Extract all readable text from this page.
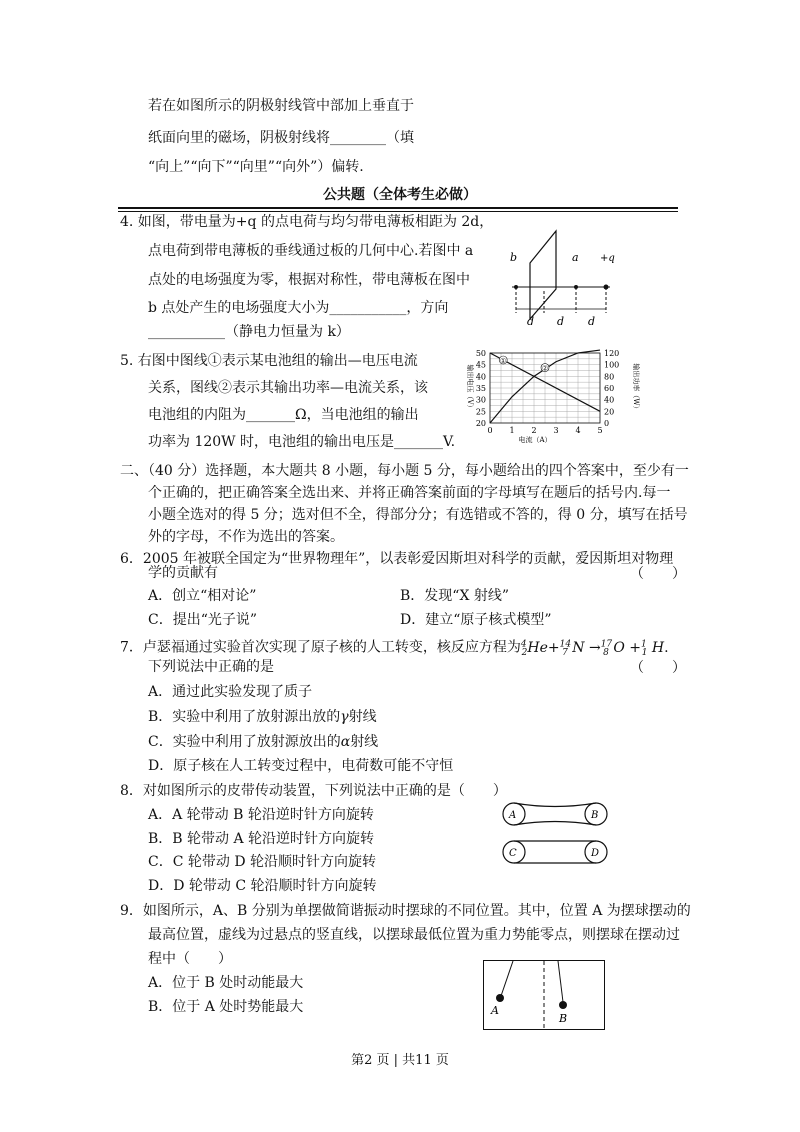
若在如图所示的阴极射线管中部加上垂直于
纸面向里的磁场，阴极射线将________（填
“向上”“向下”“向里”“向外”）偏转.
公共题（全体考生必做）
4. 如图，带电量为+q 的点电荷与均匀带电薄板相距为 2d，
点电荷到带电薄板的垂线通过板的几何中心.若图中 a
点处的电场强度为零，根据对称性，带电薄板在图中
b 点处产生的电场强度大小为___________，方向
___________（静电力恒量为 k）
b	a +q
d d d
5. 右图中图线①表示某电池组的输出—电压电流
关系，图线②表示其输出功率—电流关系，该
电池组的内阻为_______Ω，当电池组的输出
功率为 120W 时，电池组的输出电压是_______V.
50
45
40
35
30
25
20
120
100
80
60
40
20
0
0 1 2 3 4 5
电流（A）
输出电压（V）	输出功率（W）
①
②
二、（40 分）选择题，本大题共 8 小题，每小题 5 分，每小题给出的四个答案中，至少有一
个正确的，把正确答案全选出来、并将正确答案前面的字母填写在题后的括号内.每一
小题全选对的得 5 分；选对但不全，得部分分；有选错或不答的，得 0 分，填写在括号
外的字母，不作为选出的答案。
6．2005 年被联全国定为“世界物理年”，以表彰爱因斯坦对科学的贡献，爱因斯坦对物理
学的贡献有	（　　）
A．创立“相对论”	B．发现“X 射线”
C．提出“光子说”	D．建立“原子核式模型”
7．卢瑟福通过实验首次实现了原子核的人工转变，核反应方程为$^4_2$He+$^{14}_7$ N →$^{17}_8$ O +$^1_1$ H.
下列说法中正确的是	（　　）
A．通过此实验发现了质子
B．实验中利用了放射源出放的γ射线
C．实验中利用了放射源放出的α射线
D．原子核在人工转变过程中，电荷数可能不守恒
8．对如图所示的皮带传动装置，下列说法中正确的是（　　）
A．A 轮带动 B 轮沿逆时针方向旋转
B．B 轮带动 A 轮沿逆时针方向旋转
C．C 轮带动 D 轮沿顺时针方向旋转
D．D 轮带动 C 轮沿顺时针方向旋转
A	B
C	D
9．如图所示，A、B 分别为单摆做简谐振动时摆球的不同位置。其中，位置 A 为摆球摆动的
最高位置，虚线为过悬点的竖直线，以摆球最低位置为重力势能零点，则摆球在摆动过
程中（　　）
A．位于 B 处时动能最大
B．位于 A 处时势能最大	A
B
第2 页 | 共11 页
